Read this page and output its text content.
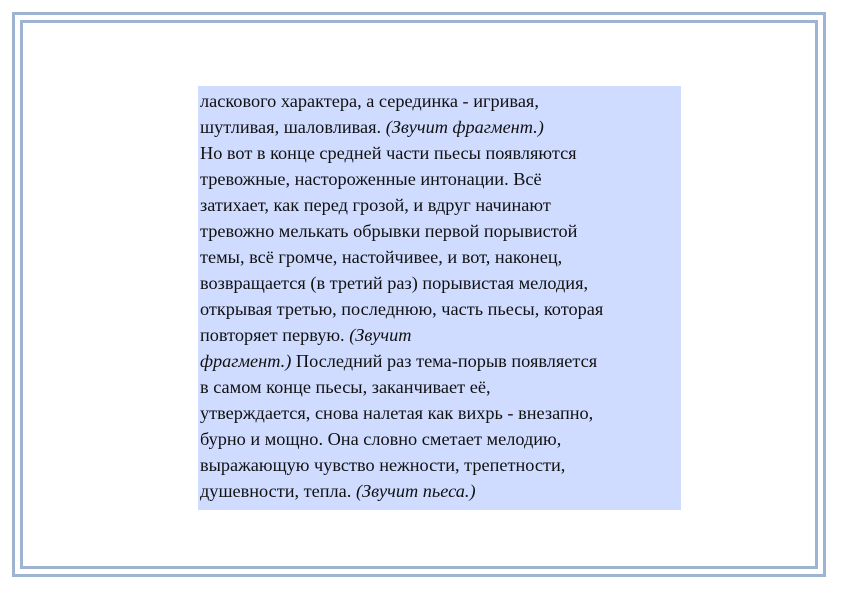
ласкового характера, а серединка - игривая,
шутливая, шаловливая. (Звучит фрагмент.)
Но вот в конце средней части пьесы появляются
тревожные, настороженные интонации. Всё
затихает, как перед грозой, и вдруг начинают
тревожно мелькать обрывки первой порывистой
темы, всё громче, настойчивее, и вот, наконец,
возвращается (в третий раз) порывистая мелодия,
открывая третью, последнюю, часть пьесы, которая
повторяет первую. (Звучит
фрагмент.) Последний раз тема-порыв появляется
в самом конце пьесы, заканчивает её,
утверждается, снова налетая как вихрь - внезапно,
бурно и мощно. Она словно сметает мелодию,
выражающую чувство нежности, трепетности,
душевности, тепла. (Звучит пьеса.)
